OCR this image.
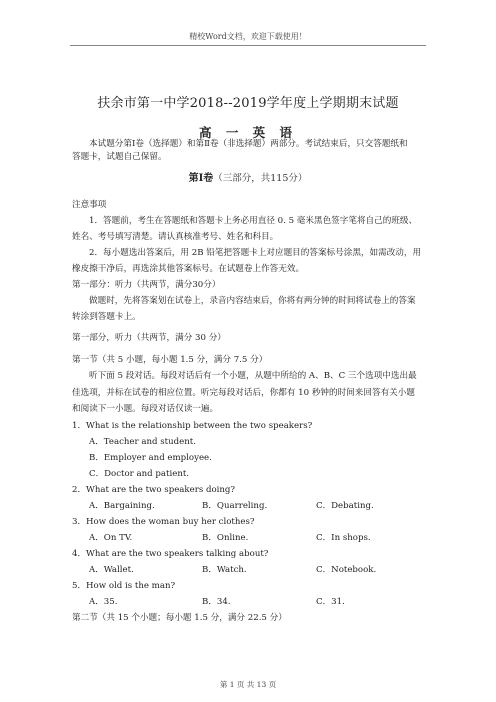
精校Word文档，欢迎下载使用！
扶余市第一中学2018--2019学年度上学期期末试题
高 一 英 语
本试题分第Ⅰ卷（选择题）和第Ⅱ卷（非选择题）两部分。考试结束后，只交答题纸和
答题卡，试题自己保留。
第Ⅰ卷（三部分，共115分）
注意事项
1．答题前，考生在答题纸和答题卡上务必用直径 0. 5 毫米黑色签字笔将自己的班级、
姓名、考号填写清楚。请认真核准考号、姓名和科目。
2．每小题选出答案后，用 2B 铅笔把答题卡上对应题目的答案标号涂黑，如需改动，用
橡皮擦干净后，再选涂其他答案标号。在试题卷上作答无效。
第一部分：听力（共两节，满分30分）
做题时，先将答案划在试卷上，录音内容结束后，你将有两分钟的时间将试卷上的答案
转涂到答题卡上。
第一部分，听力（共两节，满分 30 分）
第一节（共 5 小题，每小题 1.5 分，满分 7.5 分）
听下面 5 段对话。每段对话后有一个小题，从题中所给的 A、B、C 三个选项中选出最
佳选项，并标在试卷的相应位置。听完每段对话后，你都有 10 秒钟的时间来回答有关小题
和阅读下一小题。每段对话仅读一遍。
1．What is the relationship between the two speakers?
A．Teacher and student.
B．Employer and employee.
C．Doctor and patient.
2．What are the two speakers doing?
A．Bargaining.	B．Quarreling.	C．Debating.
3．How does the woman buy her clothes?
A．On TV.	B．Online.	C．In shops.
4．What are the two speakers talking about?
A．Wallet.	B．Watch.	C．Notebook.
5．How old is the man?
A．35.	B．34.	C．31.
第二节（共 15 个小题；每小题 1.5 分，满分 22.5 分）
第 1 页 共 13 页
